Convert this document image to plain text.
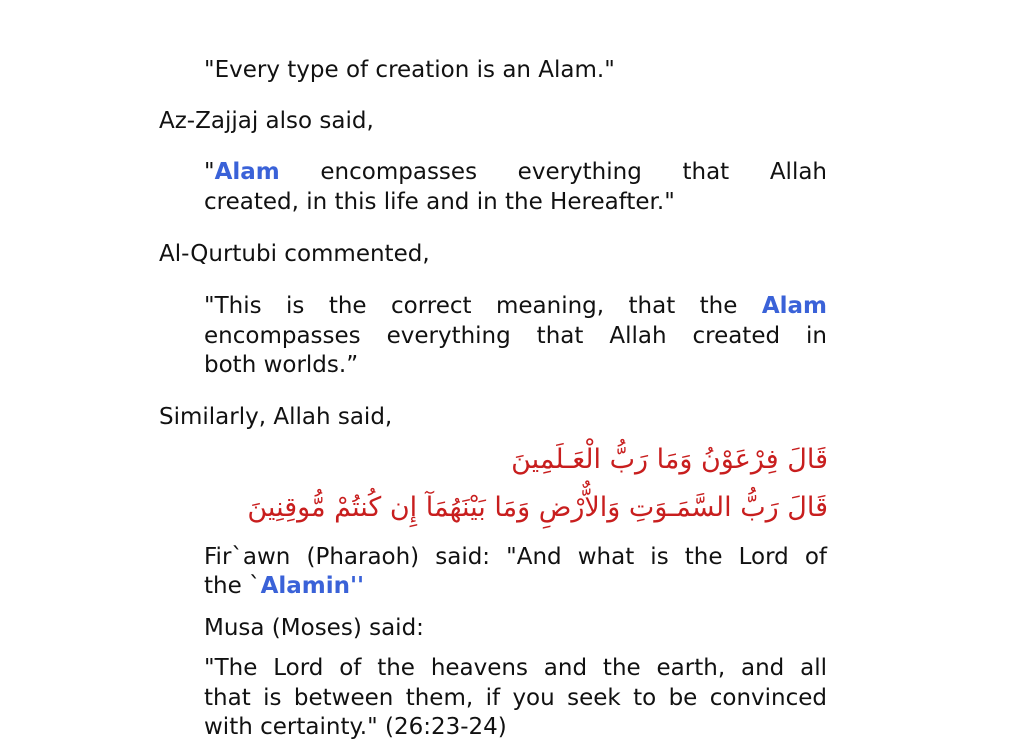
"Every type of creation is an Alam."
Az-Zajjaj also said,
"Alam encompasses everything that Allah
created, in this life and in the Hereafter."
Al-Qurtubi commented,
"This is the correct meaning, that the Alam
encompasses everything that Allah created in
both worlds.”
Similarly, Allah said,
قَالَ فِرْعَوْنُ وَمَا رَبُّ الْعَـلَمِينَ
قَالَ رَبُّ السَّمَـوَتِ وَالاٌّرْضِ وَمَا بَيْنَهُمَآ إِن كُنتُمْ مُّوقِنِينَ
Fir`awn (Pharaoh) said: "And what is the Lord of
the `Alamin''
Musa (Moses) said:
"The Lord of the heavens and the earth, and all
that is between them, if you seek to be convinced
with certainty." (26:23-24)
